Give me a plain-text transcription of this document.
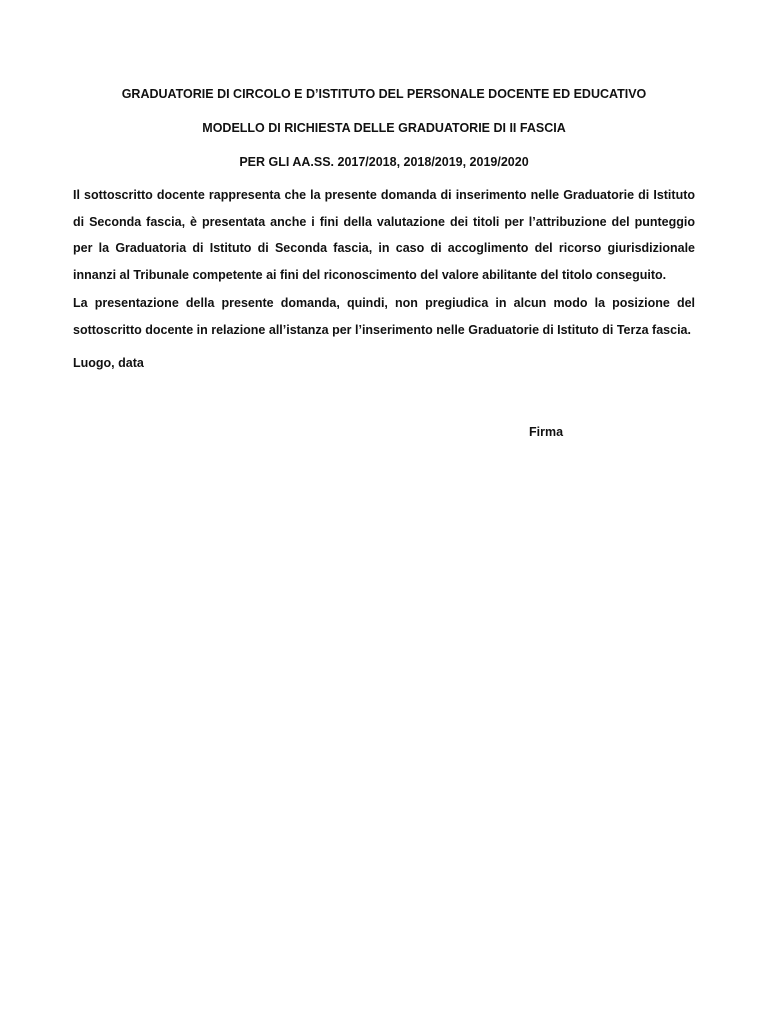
GRADUATORIE DI CIRCOLO E D’ISTITUTO DEL PERSONALE DOCENTE ED EDUCATIVO

MODELLO DI RICHIESTA DELLE GRADUATORIE DI II FASCIA

PER GLI AA.SS. 2017/2018, 2018/2019, 2019/2020

Il sottoscritto docente rappresenta che la presente domanda di inserimento nelle Graduatorie di Istituto di Seconda fascia, è presentata anche i fini della valutazione dei titoli per l’attribuzione del punteggio per la Graduatoria di Istituto di Seconda fascia, in caso di accoglimento del ricorso giurisdizionale innanzi al Tribunale competente ai fini del riconoscimento del valore abilitante del titolo conseguito.

La presentazione della presente domanda, quindi, non pregiudica in alcun modo la posizione del sottoscritto docente in relazione all’istanza per l’inserimento nelle Graduatorie di Istituto di Terza fascia.

Luogo, data

Firma
